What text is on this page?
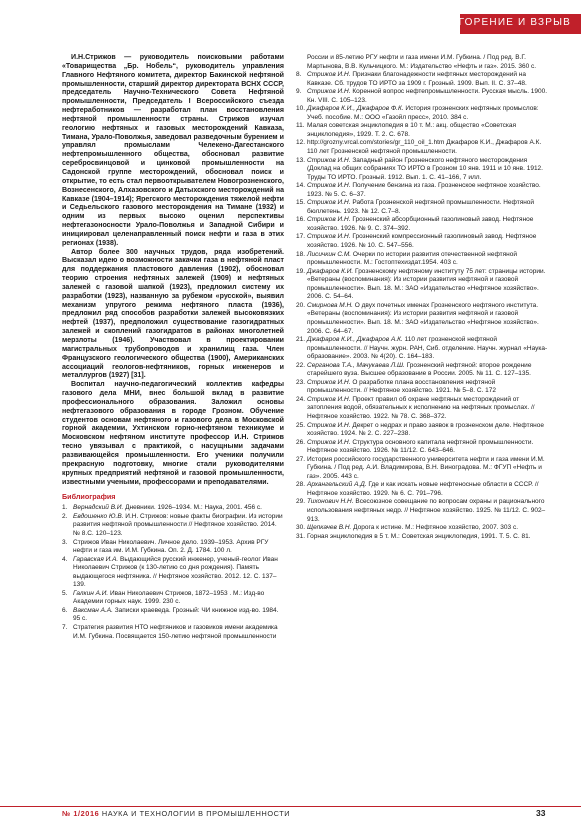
ГОРЕНИЕ И ВЗРЫВ

И.Н.Стрижов — руководитель поисковыми работами «Товарищества „Бр. Нобель“, руководитель управления Главного Нефтяного комитета, директор Бакинской нефтяной промышленности, старший директор директората ВСНХ СССР, председатель Научно-Технического Совета Нефтяной промышленности, Председатель I Всероссийского съезда нефтеработников — разработал план восстановления нефтяной промышленности страны. Стрижов изучал геологию нефтяных и газовых месторождений Кавказа, Тимана, Урало-Поволжья, заведовал разведочным бурением и управлял промыслами Челекено-Дагестанского нефтепромышленного общества, обосновал развитие серебросвинцовой и цинковой промышленности на Садонской группе месторождений, обосновал поиск и открытие, то есть стал первооткрывателем Новогрозненского, Вознесенского, Алхазовского и Датыхского месторождений на Кавказе (1904–1914); Ярегского месторождения тяжелой нефти и Седьельского газового месторождения на Тимане (1932) и одним из первых высоко оценил перспективы нефтегазоносности Урало-Поволжья и Западной Сибири и инициировал целенаправленный поиск нефти и газа в этих регионах (1938).

Автор более 300 научных трудов, ряда изобретений. Высказал идею о возможности закачки газа в нефтяной пласт для поддержания пластового давления (1902), обосновал теорию строения нефтяных залежей (1909) и нефтяных залежей с газовой шапкой (1923), предложил систему их разработки (1923), названную за рубежом «русской», выявил механизм упругого режима нефтяного пласта (1936), предложил ряд способов разработки залежей высоковязких нефтей (1937), предположил существование газогидратных залежей и скоплений газогидратов в районах многолетней мерзлоты (1946). Участвовал в проектировании магистральных трубопроводов и хранилищ газа. Член Французского геологического общества (1900), Американских ассоциаций геологов-нефтяников, горных инженеров и металлургов (1927) [31].

Воспитал научно-педагогический коллектив кафедры газового дела МНИ, внес большой вклад в развитие профессионального образования. Заложил основы нефтегазового образования в городе Грозном. Обучение студентов основам нефтяного и газового дела в Московской горной академии, Ухтинском горно-нефтяном техникуме и Московском нефтяном институте профессор И.Н. Стрижов тесно увязывал с практикой, с насущными задачами развивающейся промышленности. Его ученики получили прекрасную подготовку, многие стали руководителями крупных предприятий нефтяной и газовой промышленности, известными учеными, профессорами и преподавателями.

Библиография
1. Вернадский В.И. Дневники. 1926–1934. М.: Наука, 2001. 456 с.
2. Евдошенко Ю.В. И.Н. Стрижов: новые факты биографии. Из истории развития нефтяной промышленности // Нефтяное хозяйство. 2014. № 8.С. 120–123.
3. Стрижов Иван Николаевич. Личное дело. 1939–1953. Архив РГУ нефти и газа им. И.М. Губкина. Оп. 2. Д. 1784. 100 л.
4. Гаравская И.А. Выдающийся русский инженер, ученый-геолог Иван Николаевич Стрижов (к 130-летию со дня рождения). Память выдающегося нефтяника. // Нефтяное хозяйство. 2012. 12. С. 137–139.
5. Галкин А.И. Иван Николаевич Стрижов, 1872–1953 . М.: Изд-во Академии горных наук. 1999. 230 с.
6. Ваксман А.А. Записки краеведа. Грозный: ЧИ книжное изд-во. 1984. 95 с.
7. Стратегия развития НТО нефтяников и газовиков имени академика И.М. Губкина. Посвящается 150-летию нефтяной промышленности
России и 85-летию РГУ нефти и газа имени И.М. Губкина. / Под ред. В.Г. Мартынова, В.В. Кульчицкого. М.: Издательство «Нефть и газ». 2015. 360 с.
8. Стрижов И.Н. Признаки благонадежности нефтяных месторождений на Кавказе. Сб. трудов ТО ИРТО за 1909 г. Грозный. 1909. Вып. II. С. 37–48.
9. Стрижов И.Н. Коренной вопрос нефтепромышленности. Русская мысль. 1900. Кн. VIII. С. 105–123.
10. Джафаров К.И., Джафаров Ф.К. История грозненских нефтяных промыслов: Учеб. пособие. М.: ООО «Газойл пресс», 2010. 384 с.
11. Малая советская энциклопедия в 10 т. М.: акц. общество «Советская энциклопедия», 1929. Т. 2. С. 678.
12. http://grozny.vrcal.com/stories/gr_110_oil_1.htm Джафаров К.И., Джафаров А.К. 110 лет Грозненской нефтяной промышленности.
13. Стрижов И.Н. Западный район Грозненского нефтяного месторождения (Доклад на общих собраниях ТО ИРТО в Грозном 10 янв. 1911 и 10 янв. 1912. Труды ТО ИРТО. Грозный. 1912. Вып. 1. С. 41–166, 7 илл.
14. Стрижов И.Н. Получение бензина из газа. Грозненское нефтяное хозяйство. 1923. № 5. С. 6–37.
15. Стрижов И.Н. Работа Грозненской нефтяной промышленности. Нефтяной бюллетень. 1923. № 12. С.7–8.
16. Стрижов И.Н. Грозненский абсорбционный газолиновый завод. Нефтяное хозяйство. 1926. № 9. С. 374–392.
17. Стрижов И.Н. Грозненский компрессионный газолиновый завод. Нефтяное хозяйство. 1926. № 10. С. 547–556.
18. Лисичкин С.М. Очерки по истории развития отечественной нефтяной промышленности. М.: Гостоптехиздат.1954. 403 с.
19. Джафаров К.И. Грозненскому нефтяному институту 75 лет: страницы истории. «Ветераны (воспоминания): Из истории развития нефтяной и газовой промышленности». Вып. 18. М.: ЗАО «Издательство «Нефтяное хозяйство». 2006. С. 54–64.
20. Смирнова М.Н. О двух почетных именах Грозненского нефтяного института. «Ветераны (воспоминания): Из истории развития нефтяной и газовой промышленности». Вып. 18. М.: ЗАО «Издательство «Нефтяное хозяйство». 2006. С. 64–67.
21. Джафаров К.И., Джафаров А.К. 110 лет грозненской нефтяной промышленности. // Научн. журн. РАН, Сиб. отделение. Научн. журнал «Наука-образование». 2003. № 4(20). С. 164–183.
22. Серганова Т.А., Мачукаева Л.Ш. Грозненский нефтяной: второе рождение старейшего вуза. Высшее образование в России. 2005. № 11. С. 127–135.
23. Стрижов И.Н. О разработке плана восстановления нефтяной промышленности. // Нефтяное хозяйство. 1921. № 5–8. С. 172
24. Стрижов И.Н. Проект правил об охране нефтяных месторождений от затопления водой, обязательных к исполнению на нефтяных промыслах. // Нефтяное хозяйство. 1922. № 78. С. 368–372.
25. Стрижов И.Н. Декрет о недрах и право заявок в грозненском деле. Нефтяное хозяйство. 1924. № 2. С. 227–238.
26. Стрижов И.Н. Структура основного капитала нефтяной промышленности. Нефтяное хозяйство. 1926. № 11/12. С. 643–646.
27. История российского государственного университета нефти и газа имени И.М. Губкина. / Под ред. А.И. Владимирова, В.Н. Виноградова. М.: ФГУП «Нефть и газ». 2005. 443 с.
28. Архангельский А.Д. Где и как искать новые нефтеносные области в СССР. // Нефтяное хозяйство. 1929. № 6. С. 791–796.
29. Тихонович Н.Н. Всесоюзное совещание по вопросам охраны и рационального использования нефтяных недр. // Нефтяное хозяйство. 1925. № 11/12. С. 902–913.
30. Щепкачев В.Н. Дорога к истине. М.: Нефтяное хозяйство, 2007. 303 с.
31. Горная энциклопедия в 5 т. М.: Советская энциклопедия, 1991. Т. 5. С. 81.
№ 1/2016 НАУКА И ТЕХНОЛОГИИ В ПРОМЫШЛЕННОСТИ	33
